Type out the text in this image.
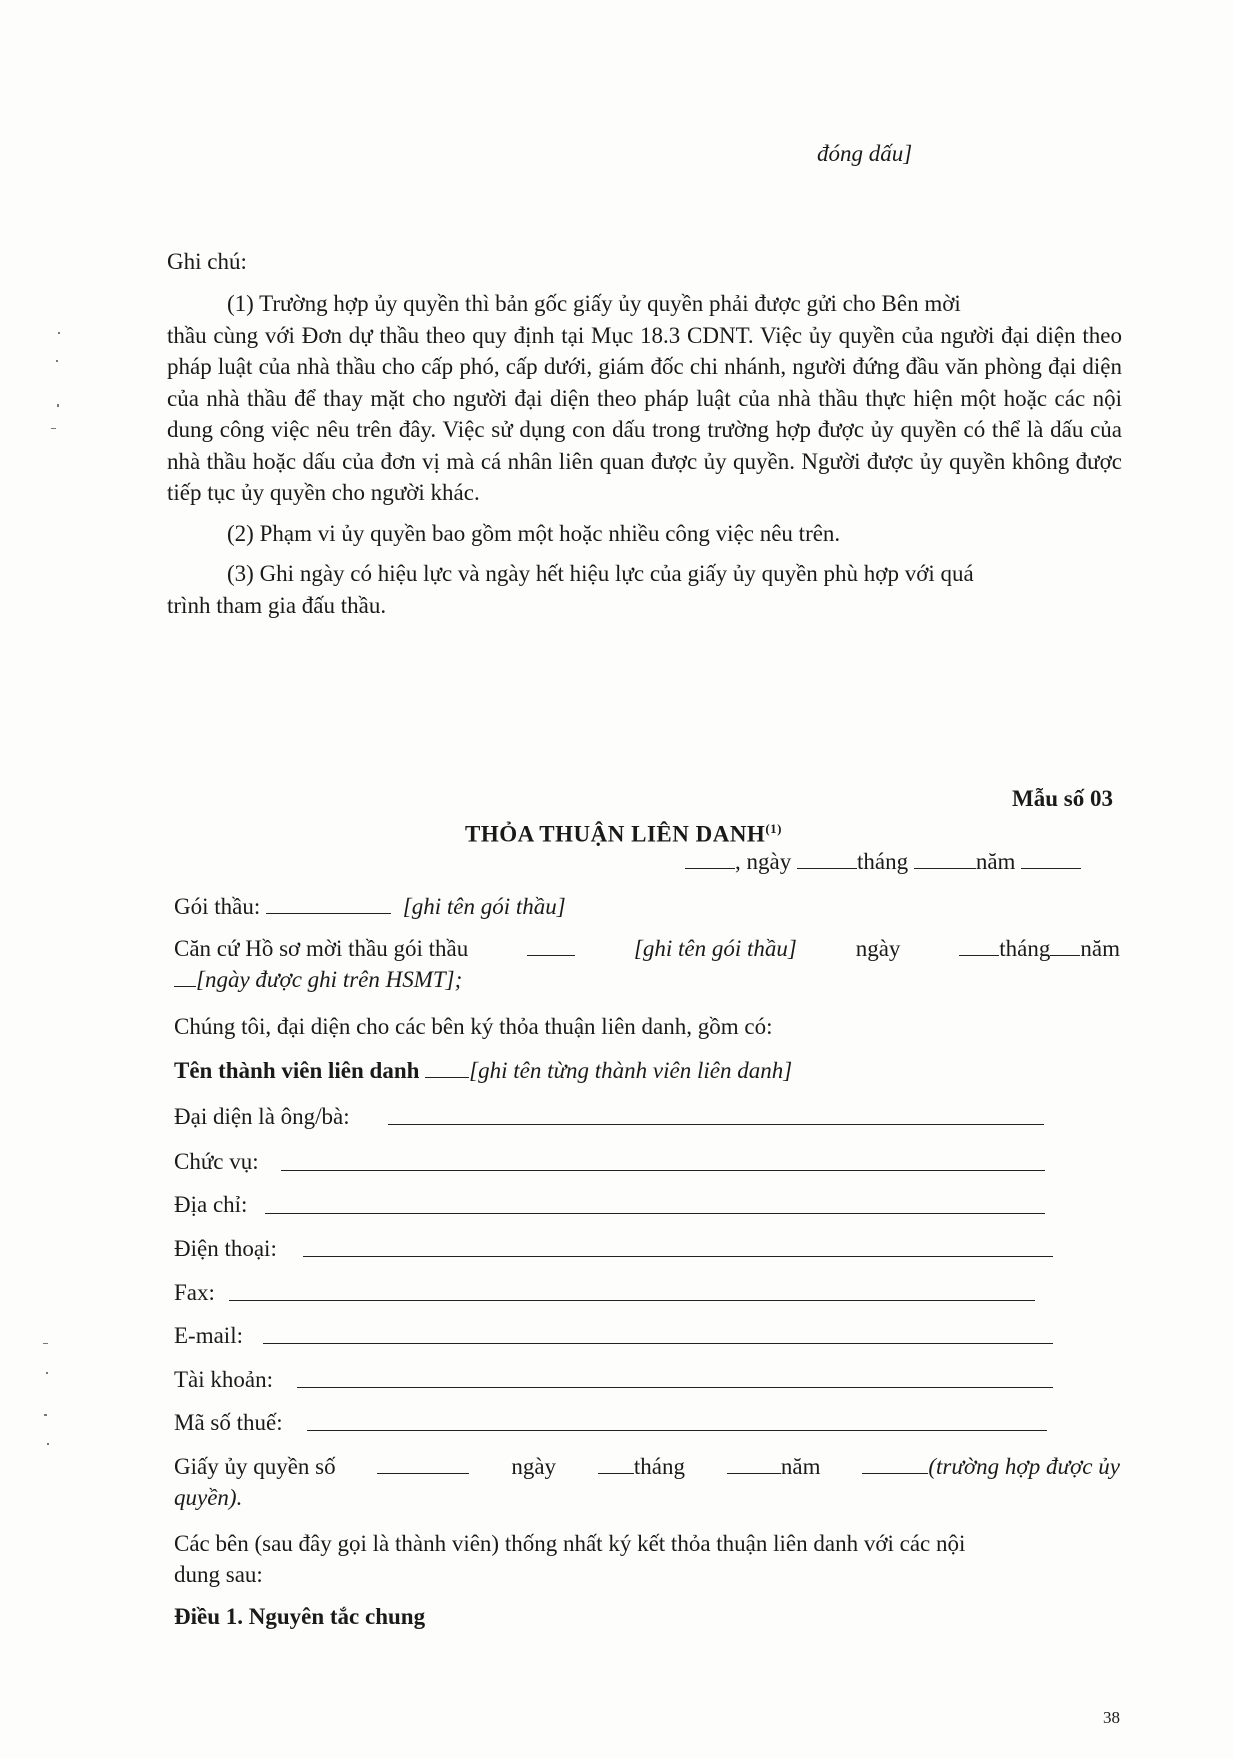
đóng dấu]
Ghi chú:

(1) Trường hợp ủy quyền thì bản gốc giấy ủy quyền phải được gửi cho Bên mời

thầu cùng với Đơn dự thầu theo quy định tại Mục 18.3 CDNT. Việc ủy quyền của người đại diện theo pháp luật của nhà thầu cho cấp phó, cấp dưới, giám đốc chi nhánh, người đứng đầu văn phòng đại diện của nhà thầu để thay mặt cho người đại diện theo pháp luật của nhà thầu thực hiện một hoặc các nội dung công việc nêu trên đây. Việc sử dụng con dấu trong trường hợp được ủy quyền có thể là dấu của nhà thầu hoặc dấu của đơn vị mà cá nhân liên quan được ủy quyền. Người được ủy quyền không được tiếp tục ủy quyền cho người khác.

(2) Phạm vi ủy quyền bao gồm một hoặc nhiều công việc nêu trên.

(3) Ghi ngày có hiệu lực và ngày hết hiệu lực của giấy ủy quyền phù hợp với quá

trình tham gia đấu thầu.

Mẫu số 03
THỎA THUẬN LIÊN DANH$^{(1)}$
, ngày	tháng	năm
Gói thầu:	[ghi tên gói thầu]
Căn cứ Hồ sơ mời thầu gói thầu	[ghi tên gói thầu]	ngày	tháng năm
[ngày được ghi trên HSMT];
Chúng tôi, đại diện cho các bên ký thỏa thuận liên danh, gồm có:
Tên thành viên liên danh [ghi tên từng thành viên liên danh]
Đại diện là ông/bà:
Chức vụ:
Địa chỉ:
Điện thoại:
Fax:
E-mail:
Tài khoản:
Mã số thuế:
Giấy ủy quyền số	ngày	tháng	năm	(trường hợp được ủy
quyền).
Các bên (sau đây gọi là thành viên) thống nhất ký kết thỏa thuận liên danh với các nội
dung sau:
Điều 1. Nguyên tắc chung
38
